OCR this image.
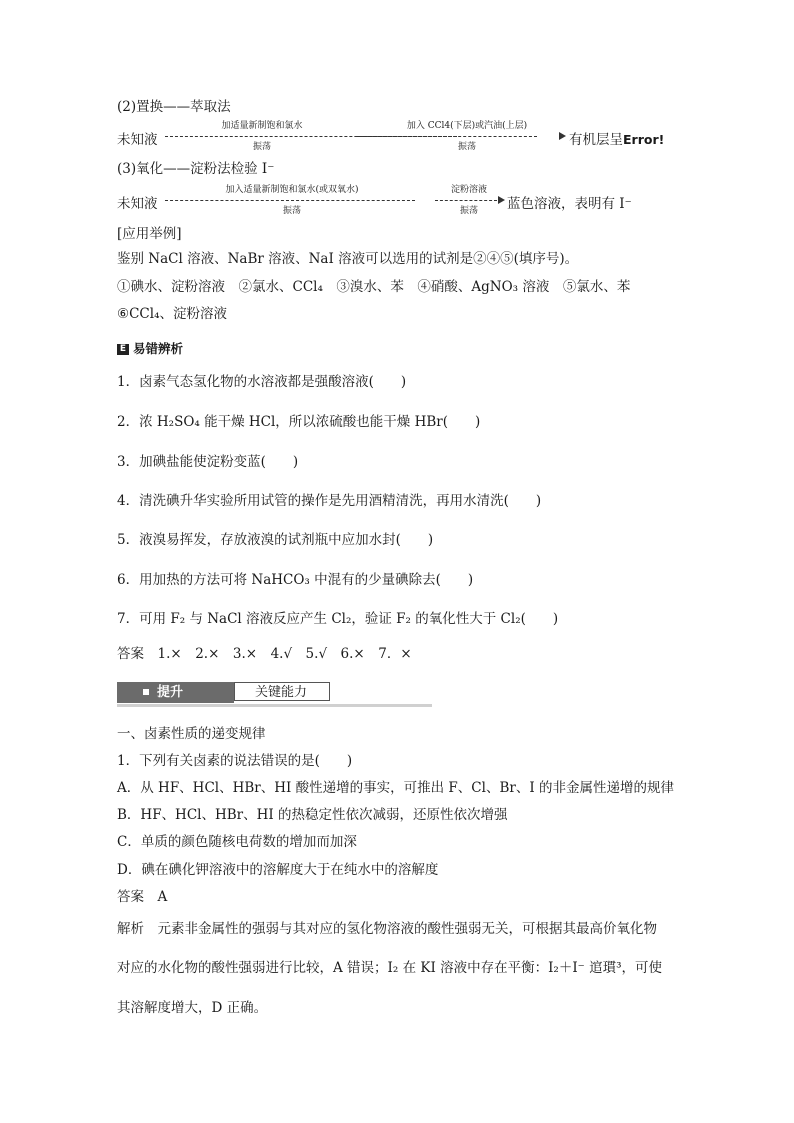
(2)置换——萃取法
未知液
加适量新制饱和氯水
振荡
加入 CCl4(下层)或汽油(上层)
振荡	有机层呈Error!
(3)氧化——淀粉法检验 I⁻
未知液
加入适量新制饱和氯水(或双氧水)
振荡
淀粉溶液
振荡	蓝色溶液，表明有 I⁻
[应用举例]
鉴别 NaCl 溶液、NaBr 溶液、NaI 溶液可以选用的试剂是②④⑤(填序号)。
①碘水、淀粉溶液　②氯水、CCl₄　③溴水、苯　④硝酸、AgNO₃ 溶液　⑤氯水、苯
⑥CCl₄、淀粉溶液
E 易错辨析
1．卤素气态氢化物的水溶液都是强酸溶液(　　)
2．浓 H₂SO₄ 能干燥 HCl，所以浓硫酸也能干燥 HBr(　　)
3．加碘盐能使淀粉变蓝(　　)
4．清洗碘升华实验所用试管的操作是先用酒精清洗，再用水清洗(　　)
5．液溴易挥发，存放液溴的试剂瓶中应加水封(　　)
6．用加热的方法可将 NaHCO₃ 中混有的少量碘除去(　　)
7．可用 F₂ 与 NaCl 溶液反应产生 Cl₂，验证 F₂ 的氧化性大于 Cl₂(　　)
答案　1.×　2.×　3.×　4.√　5.√　6.×　7．×
提升	关键能力
一、卤素性质的递变规律
1．下列有关卤素的说法错误的是(　　)
A．从 HF、HCl、HBr、HI 酸性递增的事实，可推出 F、Cl、Br、I 的非金属性递增的规律
B．HF、HCl、HBr、HI 的热稳定性依次减弱，还原性依次增强
C．单质的颜色随核电荷数的增加而加深
D．碘在碘化钾溶液中的溶解度大于在纯水中的溶解度
答案　A
解析　元素非金属性的强弱与其对应的氢化物溶液的酸性强弱无关，可根据其最高价氧化物
对应的水化物的酸性强弱进行比较，A 错误；I₂ 在 KI 溶液中存在平衡：I₂＋I⁻ 逭瑻³，可使
其溶解度增大，D 正确。
